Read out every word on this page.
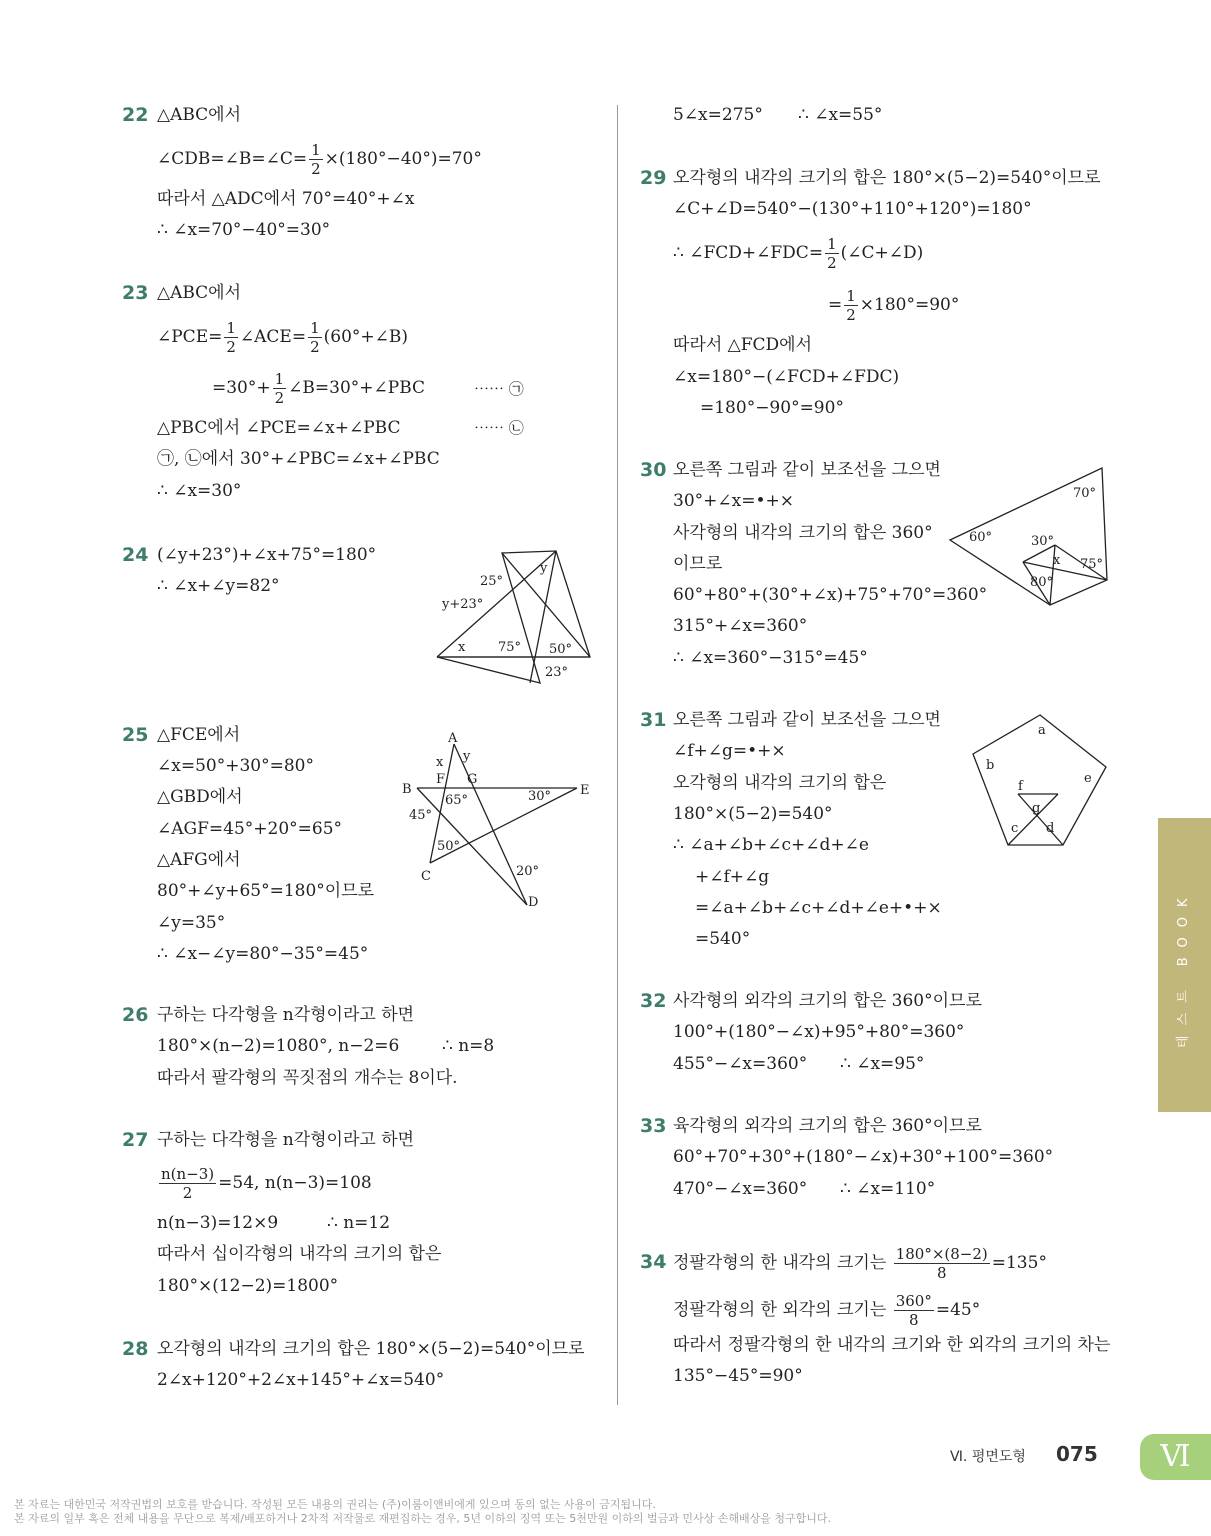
22 △ABC에서
∠CDB=∠B=∠C= $\frac{1}{2} \times(180^\circ-40^\circ)=70^\circ$
따라서 △ADC에서 70°=40°+∠x
∴ ∠x=70°−40°=30°
23 △ABC에서
∠PCE= $\frac{1}{2}$ ∠ACE= $\frac{1}{2}$ (60°+∠B)
$=30^\circ+ \frac{1}{2}$ ∠B=30°+∠PBC	⋯⋯ ㉠
△PBC에서 ∠PCE=∠x+∠PBC	⋯⋯ ㉡
㉠, ㉡에서 30°+∠PBC=∠x+∠PBC
∴ ∠x=30°
24 (∠y+23°)+∠x+75°=180°
∴ ∠x+∠y=82°
y
25°
y+23°
x	75° 50°
23°
25 △FCE에서
∠x=50°+30°=80°
△GBD에서
∠AGF=45°+20°=65°
△AFG에서
80°+∠y+65°=180°이므로
∠y=35°
∴ ∠x−∠y=80°−35°=45°
A
B
C
D
E
F G
x y
65°	30°
45°
50°
20°
26 구하는 다각형을 n각형이라고 하면
180°×(n−2)=1080°, n−2=6	∴ n=8
따라서 팔각형의 꼭짓점의 개수는 8이다.
27 구하는 다각형을 n각형이라고 하면
$\frac{n(n-3)}{2} =54$, n(n−3)=108
n(n−3)=12×9	∴ n=12
따라서 십이각형의 내각의 크기의 합은
180°×(12−2)=1800°
28 오각형의 내각의 크기의 합은 180°×(5−2)=540°이므로
2∠x+120°+2∠x+145°+∠x=540°
5∠x=275° ∴ ∠x=55°
29 오각형의 내각의 크기의 합은 180°×(5−2)=540°이므로
∠C+∠D=540°−(130°+110°+120°)=180°
∴ ∠FCD+∠FDC= $\frac{1}{2}$ (∠C+∠D)
= $\frac{1}{2} \times 180^\circ=90^\circ$
따라서 △FCD에서
∠x=180°−(∠FCD+∠FDC)
=180°−90°=90°
30 오른쪽 그림과 같이 보조선을 그으면
30°+∠x=•+×
사각형의 내각의 크기의 합은 360°
이므로
60°+80°+(30°+∠x)+75°+70°=360°
315°+∠x=360°
∴ ∠x=360°−315°=45°
70°
60°	30°
x 75°
80°
31 오른쪽 그림과 같이 보조선을 그으면
∠f+∠g=•+×
오각형의 내각의 크기의 합은
180°×(5−2)=540°
∴ ∠a+∠b+∠c+∠d+∠e
+∠f+∠g
=∠a+∠b+∠c+∠d+∠e+•+×
=540°
a
b
c d
e
f
g
32 사각형의 외각의 크기의 합은 360°이므로
100°+(180°−∠x)+95°+80°=360°
455°−∠x=360° ∴ ∠x=95°
33 육각형의 외각의 크기의 합은 360°이므로
60°+70°+30°+(180°−∠x)+30°+100°=360°
470°−∠x=360° ∴ ∠x=110°
34 정팔각형의 한 내각의 크기는 $\frac{180^\circ\times(8-2)}{8} =135^\circ$
정팔각형의 한 외각의 크기는 $\frac{360^\circ}{8} =45^\circ$
따라서 정팔각형의 한 내각의 크기와 한 외각의 크기의 차는
135°−45°=90°
테스트 BOOK
Ⅵ. 평면도형 075	Ⅵ
본 자료는 대한민국 저작권법의 보호를 받습니다. 작성된 모든 내용의 권리는 (주)이룸이앤비에게 있으며 동의 없는 사용이 금지됩니다.
본 자료의 일부 혹은 전체 내용을 무단으로 복제/배포하거나 2차적 저작물로 재편집하는 경우, 5년 이하의 징역 또는 5천만원 이하의 벌금과 민사상 손해배상을 청구합니다.
